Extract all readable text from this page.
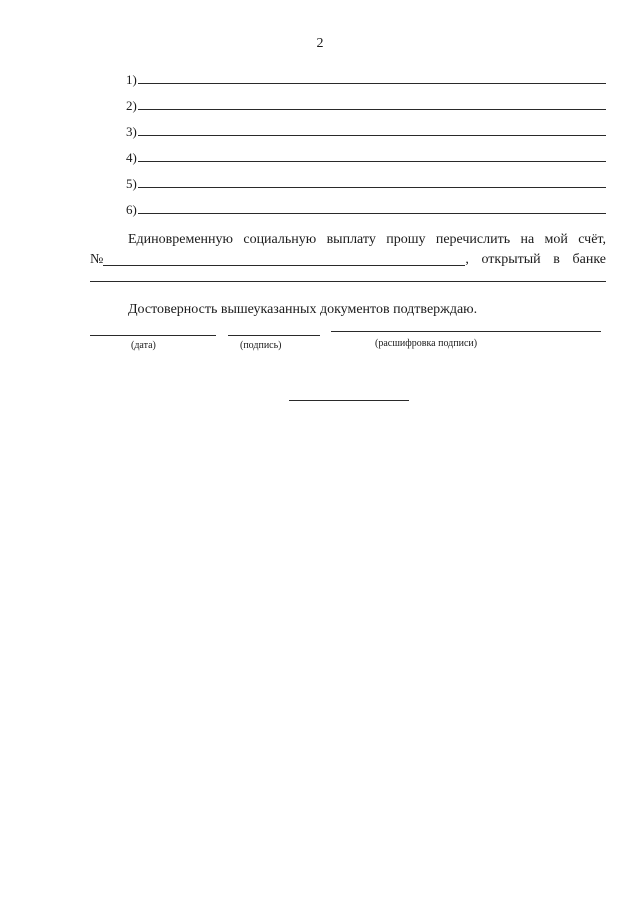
2
1)
2)
3)
4)
5)
6)
Единовременную социальную выплату прошу перечислить на мой счёт,
№	, открытый в банке
Достоверность вышеуказанных документов подтверждаю.
(дата)	(подпись)	(расшифровка подписи)
